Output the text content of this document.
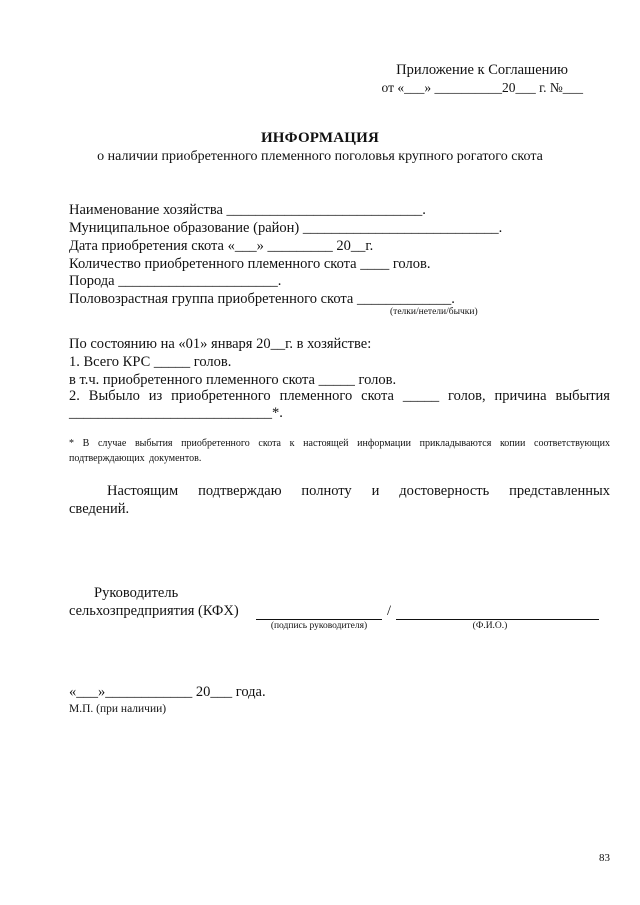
Приложение к Соглашению
от «___» __________20___ г. №___
ИНФОРМАЦИЯ
о наличии приобретенного племенного поголовья крупного рогатого скота
Наименование хозяйства ___________________________.
Муниципальное образование (район) ___________________________.
Дата приобретения скота «___» _________ 20__г.
Количество приобретенного племенного скота ____ голов.
Порода ______________________.
Половозрастная группа приобретенного скота _____________.
(телки/нетели/бычки)
По состоянию на «01» января 20__г. в хозяйстве:
1. Всего КРС _____ голов.
в т.ч. приобретенного племенного скота _____ голов.
2. Выбыло из приобретенного племенного скота _____ голов, причина выбытия
____________________________*.
* В случае выбытия приобретенного скота к настоящей информации прикладываются копии соответствующих подтверждающих документов.
Настоящим подтверждаю полноту и достоверность представленных
сведений.
Руководитель
сельхозпредприятия (КФХ)	/
(подпись руководителя)	(Ф.И.О.)
«___»____________ 20___ года.
М.П. (при наличии)
83
